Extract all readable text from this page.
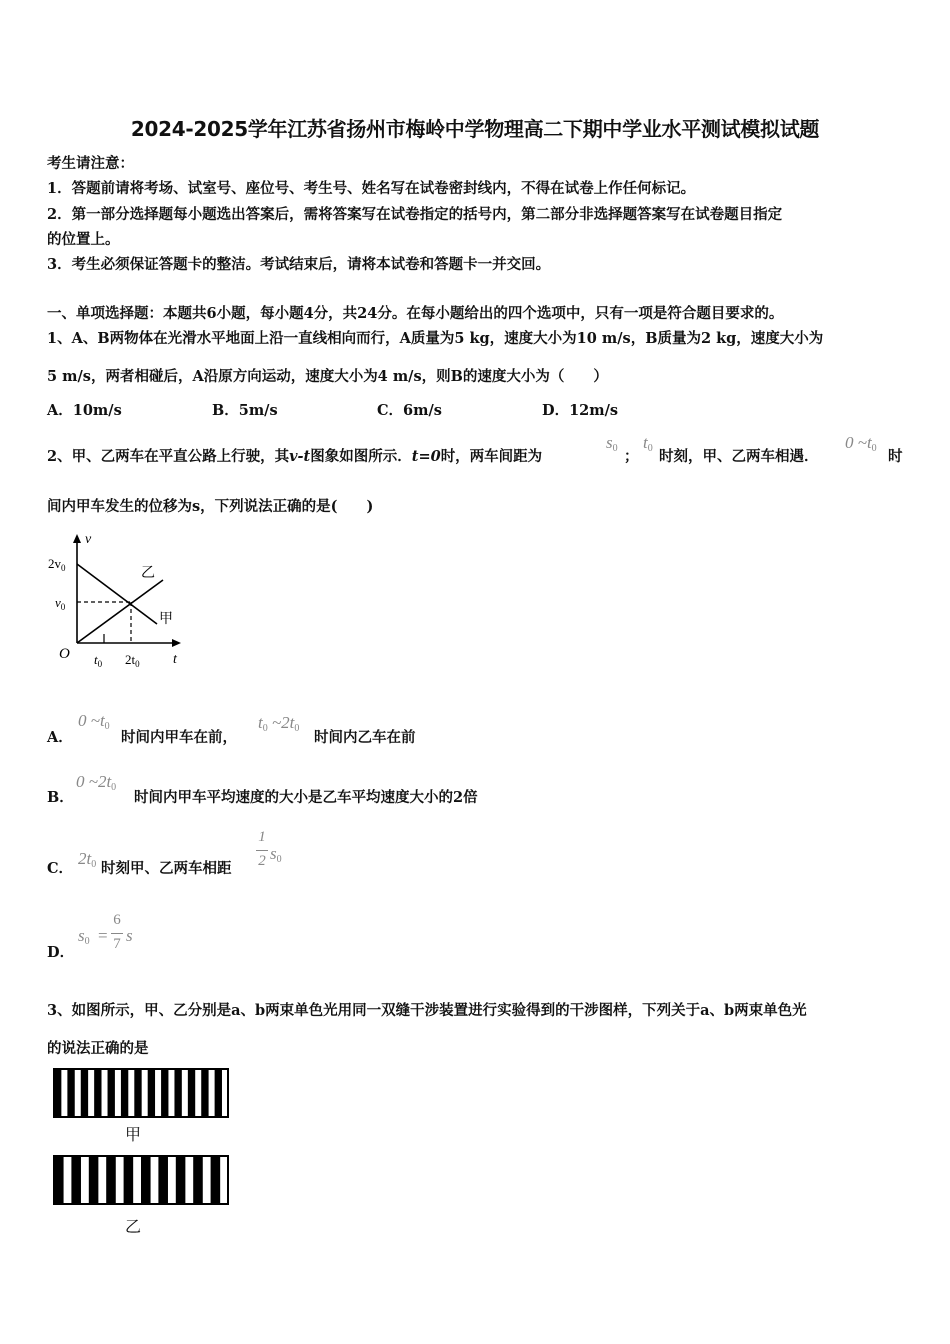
2024-2025学年江苏省扬州市梅岭中学物理高二下期中学业水平测试模拟试题
考生请注意：
1．答题前请将考场、试室号、座位号、考生号、姓名写在试卷密封线内，不得在试卷上作任何标记。
2．第一部分选择题每小题选出答案后，需将答案写在试卷指定的括号内，第二部分非选择题答案写在试卷题目指定
的位置上。
3．考生必须保证答题卡的整洁。考试结束后，请将本试卷和答题卡一并交回。
一、单项选择题：本题共6小题，每小题4分，共24分。在每小题给出的四个选项中，只有一项是符合题目要求的。
1、A、B两物体在光滑水平地面上沿一直线相向而行，A质量为5 kg，速度大小为10 m/s，B质量为2 kg，速度大小为
5 m/s，两者相碰后，A沿原方向运动，速度大小为4 m/s，则B的速度大小为（　　）
A．10m/s	B．5m/s	C．6m/s	D．12m/s
2、甲、乙两车在平直公路上行驶，其v-t图象如图所示．t=0时，两车间距为
s0 ；
t0 时刻，甲、乙两车相遇．
0 ~t0 时
间内甲车发生的位移为s，下列说法正确的是(　　)
v
t
O
$2v_0$
$v_0$
$t_0$ $2t_0$
乙
甲
A．
0 ~t0
时间内甲车在前，
t0 ~2t0
时间内乙车在前
B．
0 ~2t0
时间内甲车平均速度的大小是乙车平均速度大小的2倍
C．
2t0 时刻甲、乙两车相距
1
2 s0
D．
s0 =
6
7 s
3、如图所示，甲、乙分别是a、b两束单色光用同一双缝干涉装置进行实验得到的干涉图样，下列关于a、b两束单色光
的说法正确的是
甲
乙
